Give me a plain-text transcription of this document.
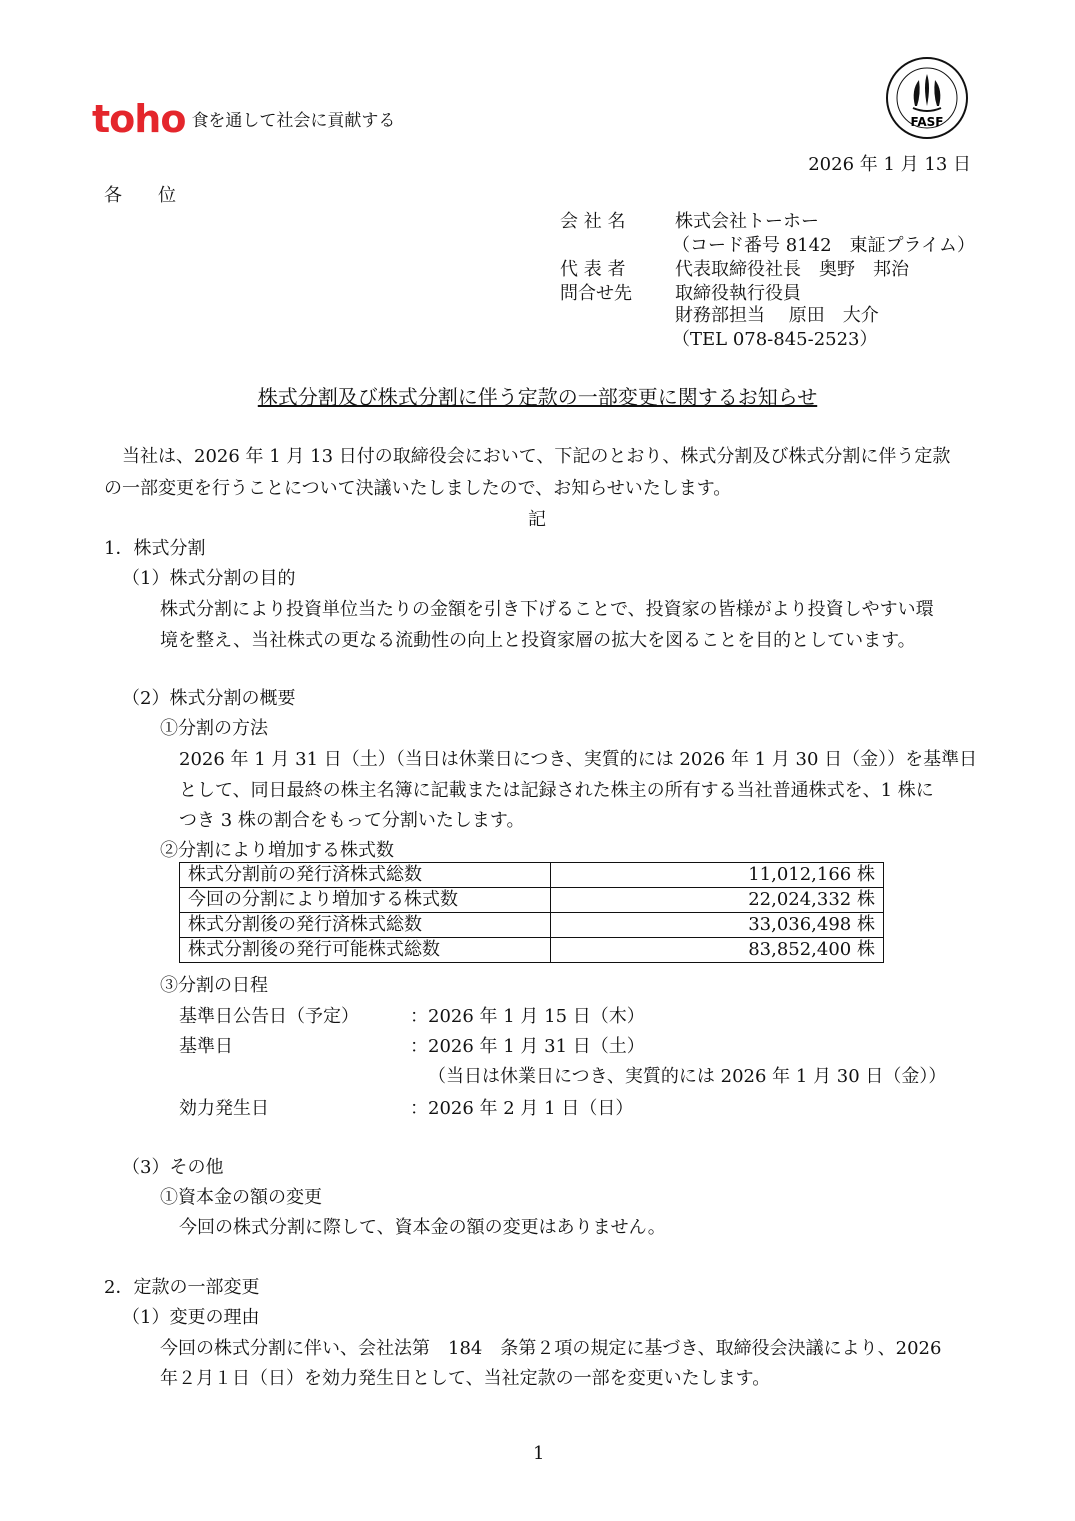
toho 食を通して社会に貢献する	FASF
2026 年 1 月 13 日
各　　位
会 社 名	株式会社トーホー
（コード番号 8142　東証プライム）
代 表 者	代表取締役社長　奥野　邦治
問合せ先 取締役執行役員
財務部担当　 原田　大介
（TEL 078-845-2523）
株式分割及び株式分割に伴う定款の一部変更に関するお知らせ
当社は、2026 年 1 月 13 日付の取締役会において、下記のとおり、株式分割及び株式分割に伴う定款
の一部変更を行うことについて決議いたしましたので、お知らせいたします。
記
1．株式分割
（1）株式分割の目的
株式分割により投資単位当たりの金額を引き下げることで、投資家の皆様がより投資しやすい環
境を整え、当社株式の更なる流動性の向上と投資家層の拡大を図ることを目的としています。
（2）株式分割の概要
①分割の方法
2026 年 1 月 31 日（土）（当日は休業日につき、実質的には 2026 年 1 月 30 日（金））を基準日
として、同日最終の株主名簿に記載または記録された株主の所有する当社普通株式を、1 株に
つき 3 株の割合をもって分割いたします。
②分割により増加する株式数
株式分割前の発行済株式総数	11,012,166 株
今回の分割により増加する株式数	22,024,332 株
株式分割後の発行済株式総数	33,036,498 株
株式分割後の発行可能株式総数	83,852,400 株
③分割の日程
基準日公告日（予定）	：2026 年 1 月 15 日（木）
基準日	：2026 年 1 月 31 日（土）
（当日は休業日につき、実質的には 2026 年 1 月 30 日（金））
効力発生日	：2026 年 2 月 1 日（日）
（3）その他
①資本金の額の変更
今回の株式分割に際して、資本金の額の変更はありません。
2．定款の一部変更
（1）変更の理由
今回の株式分割に伴い、会社法第　184　条第２項の規定に基づき、取締役会決議により、2026
年２月１日（日）を効力発生日として、当社定款の一部を変更いたします。
1
